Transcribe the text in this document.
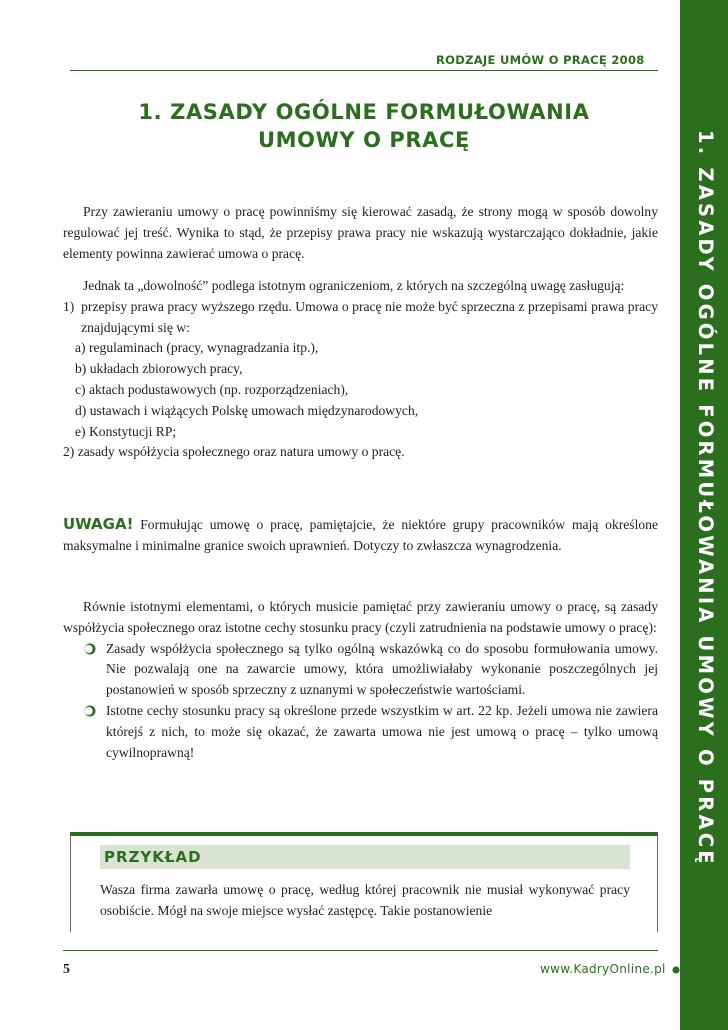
1. ZASADY OGÓLNE FORMUŁOWANIA UMOWY O PRACĘ
RODZAJE UMÓW O PRACĘ 2008
1. ZASADY OGÓLNE FORMUŁOWANIA
UMOWY O PRACĘ

Przy zawieraniu umowy o pracę powinniśmy się kierować zasadą, że strony mogą w sposób dowolny regulować jej treść. Wynika to stąd, że przepisy prawa pracy nie wskazują wystarczająco dokładnie, jakie elementy powinna zawierać umowa o pracę.

Jednak ta „dowolność” podlega istotnym ograniczeniom, z których na szczególną uwagę zasługują:

1) przepisy prawa pracy wyższego rzędu. Umowa o pracę nie może być sprzeczna z przepisami prawa pracy znajdującymi się w:
a) regulaminach (pracy, wynagradzania itp.),
b) układach zbiorowych pracy,
c) aktach podustawowych (np. rozporządzeniach),
d) ustawach i wiążących Polskę umowach międzynarodowych,
e) Konstytucji RP;

2) zasady współżycia społecznego oraz natura umowy o pracę.

UWAGA! Formułując umowę o pracę, pamiętajcie, że niektóre grupy pracowników mają określone maksymalne i minimalne granice swoich uprawnień. Dotyczy to zwłaszcza wynagrodzenia.

Równie istotnymi elementami, o których musicie pamiętać przy zawieraniu umowy o pracę, są zasady współżycia społecznego oraz istotne cechy stosunku pracy (czyli zatrudnienia na podstawie umowy o pracę):

Zasady współżycia społecznego są tylko ogólną wskazówką co do sposobu formułowania umowy. Nie pozwalają one na zawarcie umowy, która umożliwiałaby wykonanie poszczególnych jej postanowień w sposób sprzeczny z uznanymi w społeczeństwie wartościami.
Istotne cechy stosunku pracy są określone przede wszystkim w art. 22 kp. Jeżeli umowa nie zawiera którejś z nich, to może się okazać, że zawarta umowa nie jest umową o pracę – tylko umową cywilnoprawną!
PRZYKŁAD

Wasza firma zawarła umowę o pracę, według której pracownik nie musiał wykonywać pracy osobiście. Mógł na swoje miejsce wysłać zastępcę. Takie postanowienie

5	www.KadryOnline.pl
